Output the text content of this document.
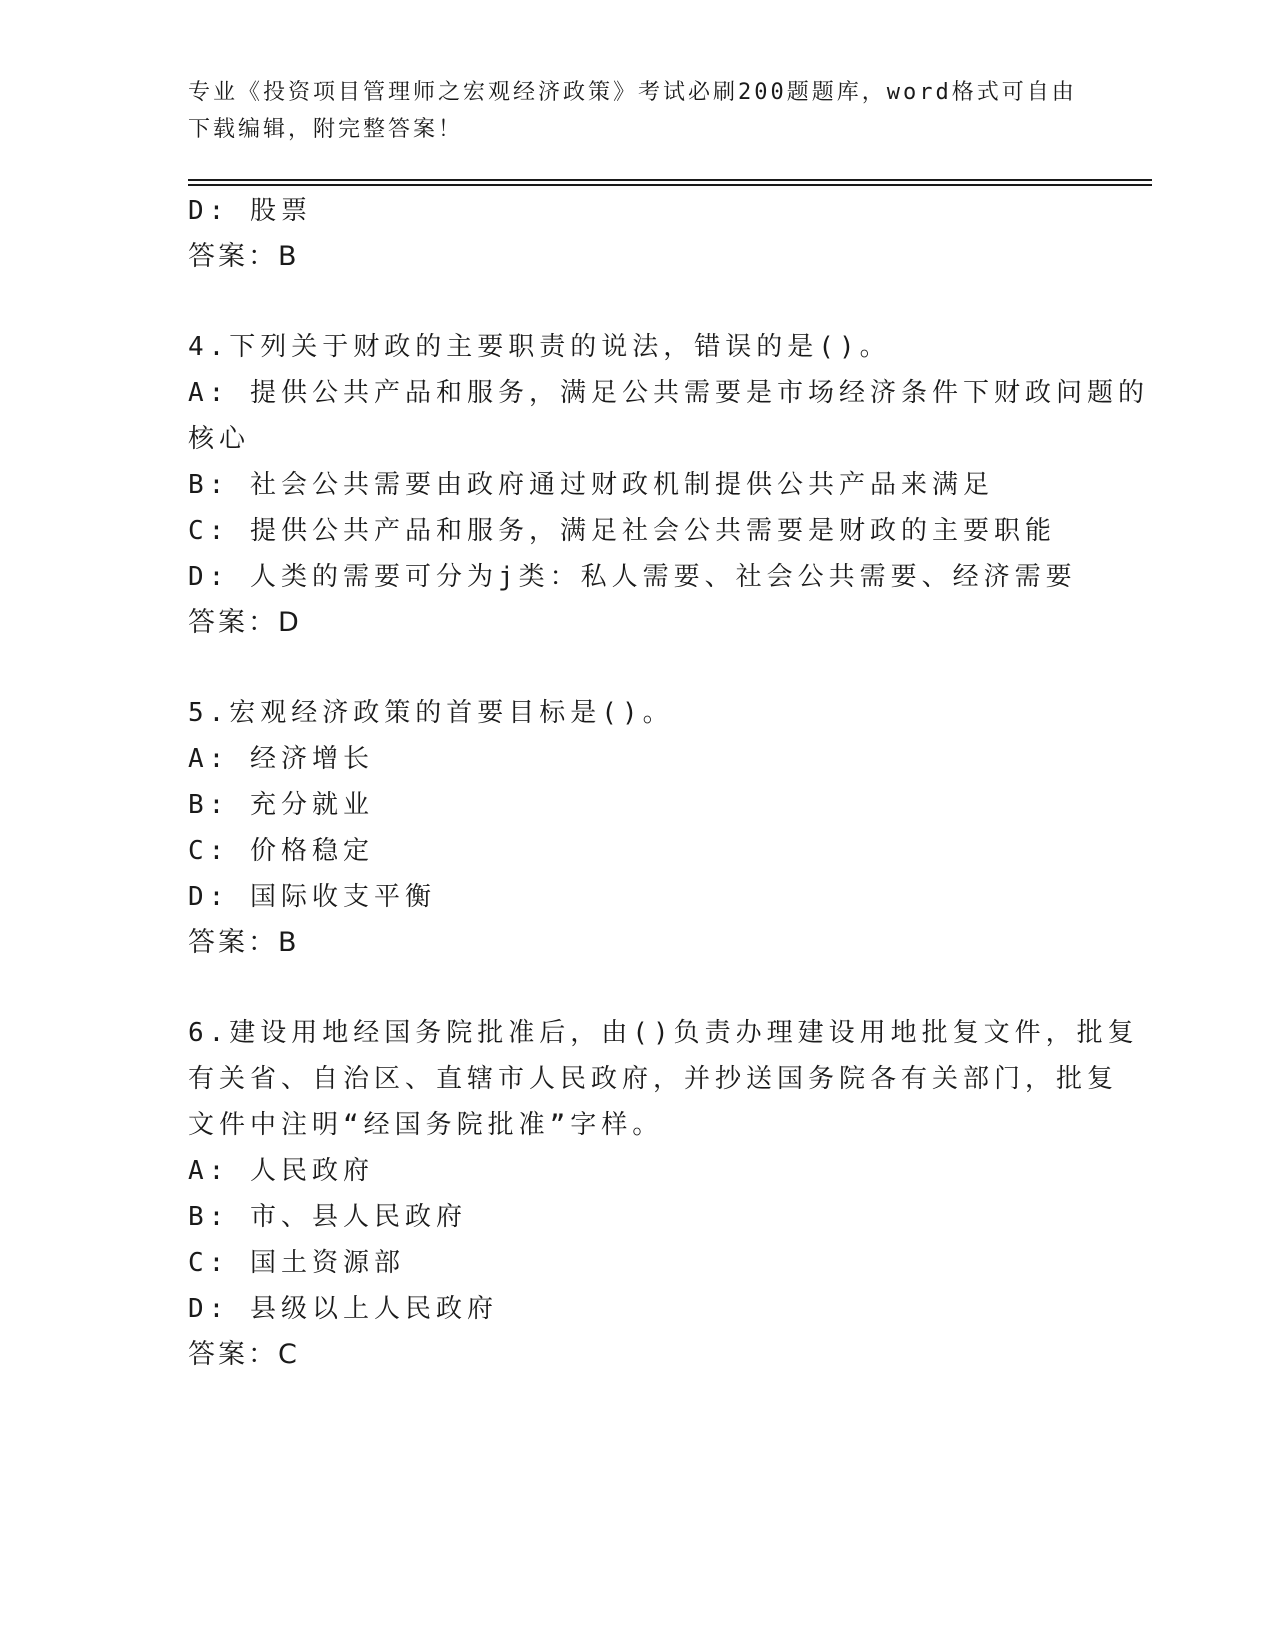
专业《投资项目管理师之宏观经济政策》考试必刷200题题库，word格式可自由下载编辑，附完整答案！
D: 股票
答案：B
4.下列关于财政的主要职责的说法，错误的是()。
A: 提供公共产品和服务，满足公共需要是市场经济条件下财政问题的
核心
B: 社会公共需要由政府通过财政机制提供公共产品来满足
C: 提供公共产品和服务，满足社会公共需要是财政的主要职能
D: 人类的需要可分为j类：私人需要、社会公共需要、经济需要
答案：D
5.宏观经济政策的首要目标是()。
A: 经济增长
B: 充分就业
C: 价格稳定
D: 国际收支平衡
答案：B
6.建设用地经国务院批准后，由()负责办理建设用地批复文件，批复
有关省、自治区、直辖市人民政府，并抄送国务院各有关部门，批复
文件中注明“经国务院批准”字样。
A: 人民政府
B: 市、县人民政府
C: 国土资源部
D: 县级以上人民政府
答案：C
